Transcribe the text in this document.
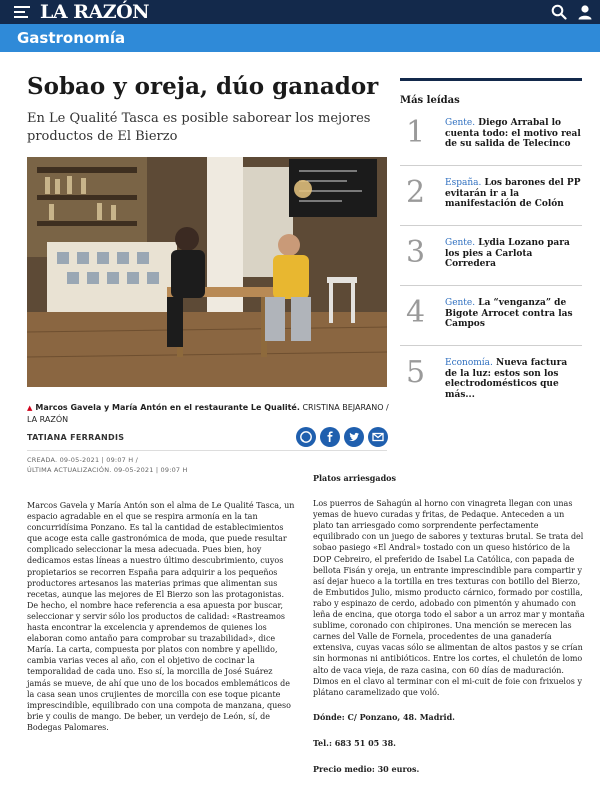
LA RAZÓN
Gastronomía
Sobao y oreja, dúo ganador

En Le Qualité Tasca es posible saborear los mejores productos de El Bierzo

▲ Marcos Gavela y María Antón en el restaurante Le Qualité. CRISTINA BEJARANO / LA RAZÓN

TATIANA FERRANDIS
CREADA. 09-05-2021 | 09:07 H /
ÚLTIMA ACTUALIZACIÓN. 09-05-2021 | 09:07 H

Marcos Gavela y María Antón son el alma de Le Qualité Tasca, un espacio agradable en el que se respira armonía en la tan concurridísima Ponzano. Es tal la cantidad de establecimientos que acoge esta calle gastronómica de moda, que puede resultar complicado seleccionar la mesa adecuada. Pues bien, hoy dedicamos estas líneas a nuestro último descubrimiento, cuyos propietarios se recorren España para adquirir a los pequeños productores artesanos las materias primas que alimentan sus recetas, aunque las mejores de El Bierzo son las protagonistas. De hecho, el nombre hace referencia a esa apuesta por buscar, seleccionar y servir sólo los productos de calidad: «Rastreamos hasta encontrar la excelencia y aprendemos de quienes los elaboran como antaño para comprobar su trazabilidad», dice María. La carta, compuesta por platos con nombre y apellido, cambia varias veces al año, con el objetivo de cocinar la temporalidad de cada uno. Eso sí, la morcilla de José Suárez jamás se mueve, de ahí que uno de los bocados emblemáticos de la casa sean unos crujientes de morcilla con ese toque picante imprescindible, equilibrado con una compota de manzana, queso brie y coulis de mango. De beber, un verdejo de León, sí, de Bodegas Palomares.

Platos arriesgados

Los puerros de Sahagún al horno con vinagreta llegan con unas yemas de huevo curadas y fritas, de Pedaque. Anteceden a un plato tan arriesgado como sorprendente perfectamente equilibrado con un juego de sabores y texturas brutal. Se trata del sobao pasiego «El Andral» tostado con un queso histórico de la DOP Cebreiro, el preferido de Isabel La Católica, con papada de bellota Fisán y oreja, un entrante imprescindible para compartir y así dejar hueco a la tortilla en tres texturas con botillo del Bierzo, de Embutidos Julio, mismo producto cárnico, formado por costilla, rabo y espinazo de cerdo, adobado con pimentón y ahumado con leña de encina, que otorga todo el sabor a un arroz mar y montaña sublime, coronado con chipirones. Una mención se merecen las carnes del Valle de Fornela, procedentes de una ganadería extensiva, cuyas vacas sólo se alimentan de altos pastos y se crían sin hormonas ni antibióticos. Entre los cortes, el chuletón de lomo alto de vaca vieja, de raza casina, con 60 días de maduración. Dimos en el clavo al terminar con el mi-cuit de foie con frixuelos y plátano caramelizado que voló.

Dónde: C/ Ponzano, 48. Madrid.

Tel.: 683 51 05 38.

Precio medio: 30 euros.

Más leídas
1 Gente. Diego Arrabal lo cuenta todo: el motivo real de su salida de Telecinco
2 España. Los barones del PP evitarán ir a la manifestación de Colón
3 Gente. Lydia Lozano para los pies a Carlota Corredera
4 Gente. La “venganza” de Bigote Arrocet contra las Campos
5 Economía. Nueva factura de la luz: estos son los electrodomésticos que más...
